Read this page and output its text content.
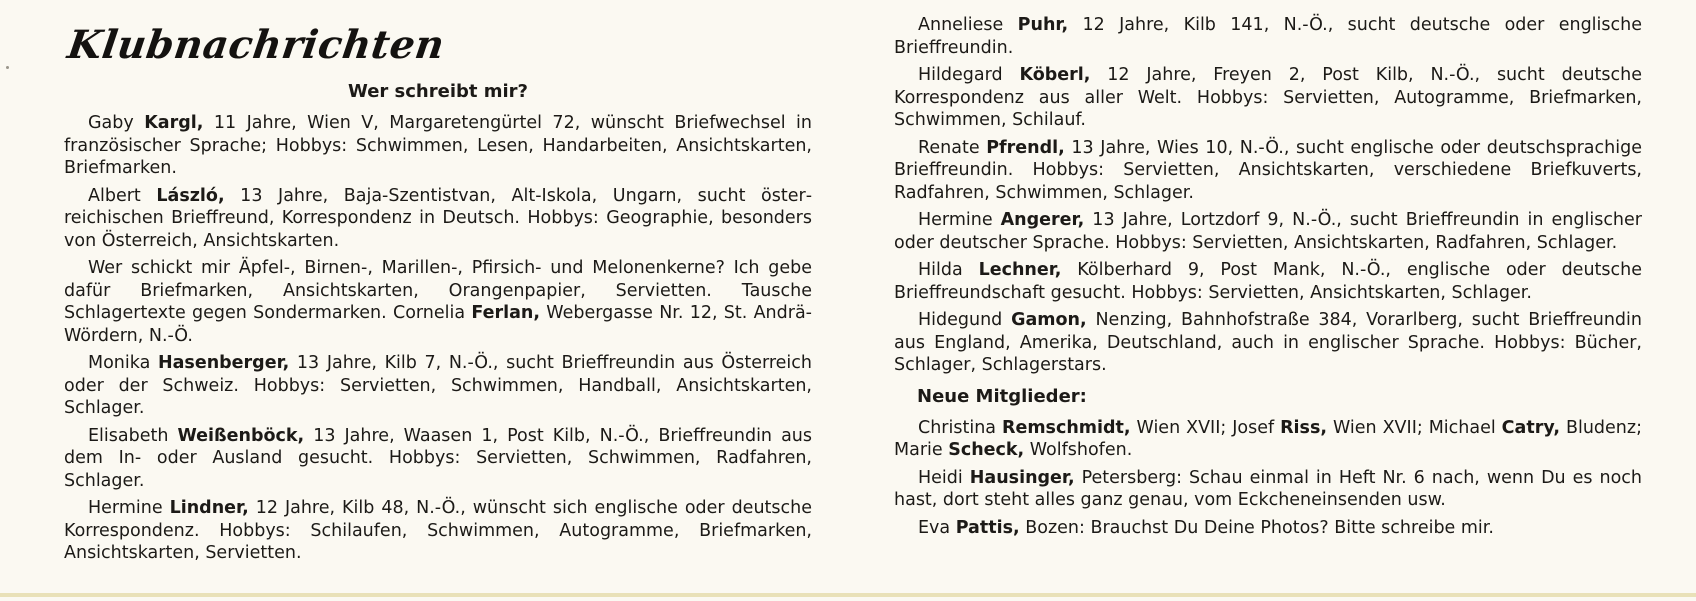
Klubnachrichten
Wer schreibt mir?

Gaby Kargl, 11 Jahre, Wien V, Margaretengürtel 72, wünscht Briefwechsel in französischer Sprache; Hobbys: Schwimmen, Lesen, Handarbeiten, Ansichtskarten, Briefmarken.

Albert László, 13 Jahre, Baja-Szentistvan, Alt-Iskola, Ungarn, sucht österreichischen Brieffreund, Korrespondenz in Deutsch. Hobbys: Geographie, besonders von Österreich, Ansichtskarten.

Wer schickt mir Äpfel-, Birnen-, Marillen-, Pfirsich- und Melonenkerne? Ich gebe dafür Briefmarken, Ansichtskarten, Orangenpapier, Servietten. Tausche Schlagertexte gegen Sondermarken. Cornelia Ferlan, Webergasse Nr. 12, St. Andrä-Wördern, N.-Ö.

Monika Hasenberger, 13 Jahre, Kilb 7, N.-Ö., sucht Brieffreundin aus Österreich oder der Schweiz. Hobbys: Servietten, Schwimmen, Handball, Ansichtskarten, Schlager.

Elisabeth Weißenböck, 13 Jahre, Waasen 1, Post Kilb, N.-Ö., Brieffreundin aus dem In- oder Ausland gesucht. Hobbys: Servietten, Schwimmen, Radfahren, Schlager.

Hermine Lindner, 12 Jahre, Kilb 48, N.-Ö., wünscht sich englische oder deutsche Korrespondenz. Hobbys: Schilaufen, Schwimmen, Autogramme, Briefmarken, Ansichtskarten, Servietten.

Anneliese Puhr, 12 Jahre, Kilb 141, N.-Ö., sucht deutsche oder englische Brieffreundin.

Hildegard Köberl, 12 Jahre, Freyen 2, Post Kilb, N.-Ö., sucht deutsche Korrespondenz aus aller Welt. Hobbys: Servietten, Autogramme, Briefmarken, Schwimmen, Schilauf.

Renate Pfrendl, 13 Jahre, Wies 10, N.-Ö., sucht englische oder deutschsprachige Brieffreundin. Hobbys: Servietten, Ansichtskarten, verschiedene Briefkuverts, Radfahren, Schwimmen, Schlager.

Hermine Angerer, 13 Jahre, Lortzdorf 9, N.-Ö., sucht Brieffreundin in englischer oder deutscher Sprache. Hobbys: Servietten, Ansichtskarten, Radfahren, Schlager.

Hilda Lechner, Kölberhard 9, Post Mank, N.-Ö., englische oder deutsche Brieffreundschaft gesucht. Hobbys: Servietten, Ansichtskarten, Schlager.

Hidegund Gamon, Nenzing, Bahnhofstraße 384, Vorarlberg, sucht Brieffreundin aus England, Amerika, Deutschland, auch in englischer Sprache. Hobbys: Bücher, Schlager, Schlagerstars.

Neue Mitglieder:

Christina Remschmidt, Wien XVII; Josef Riss, Wien XVII; Michael Catry, Bludenz; Marie Scheck, Wolfshofen.

Heidi Hausinger, Petersberg: Schau einmal in Heft Nr. 6 nach, wenn Du es noch hast, dort steht alles ganz genau, vom Eckcheneinsenden usw.

Eva Pattis, Bozen: Brauchst Du Deine Photos? Bitte schreibe mir.
